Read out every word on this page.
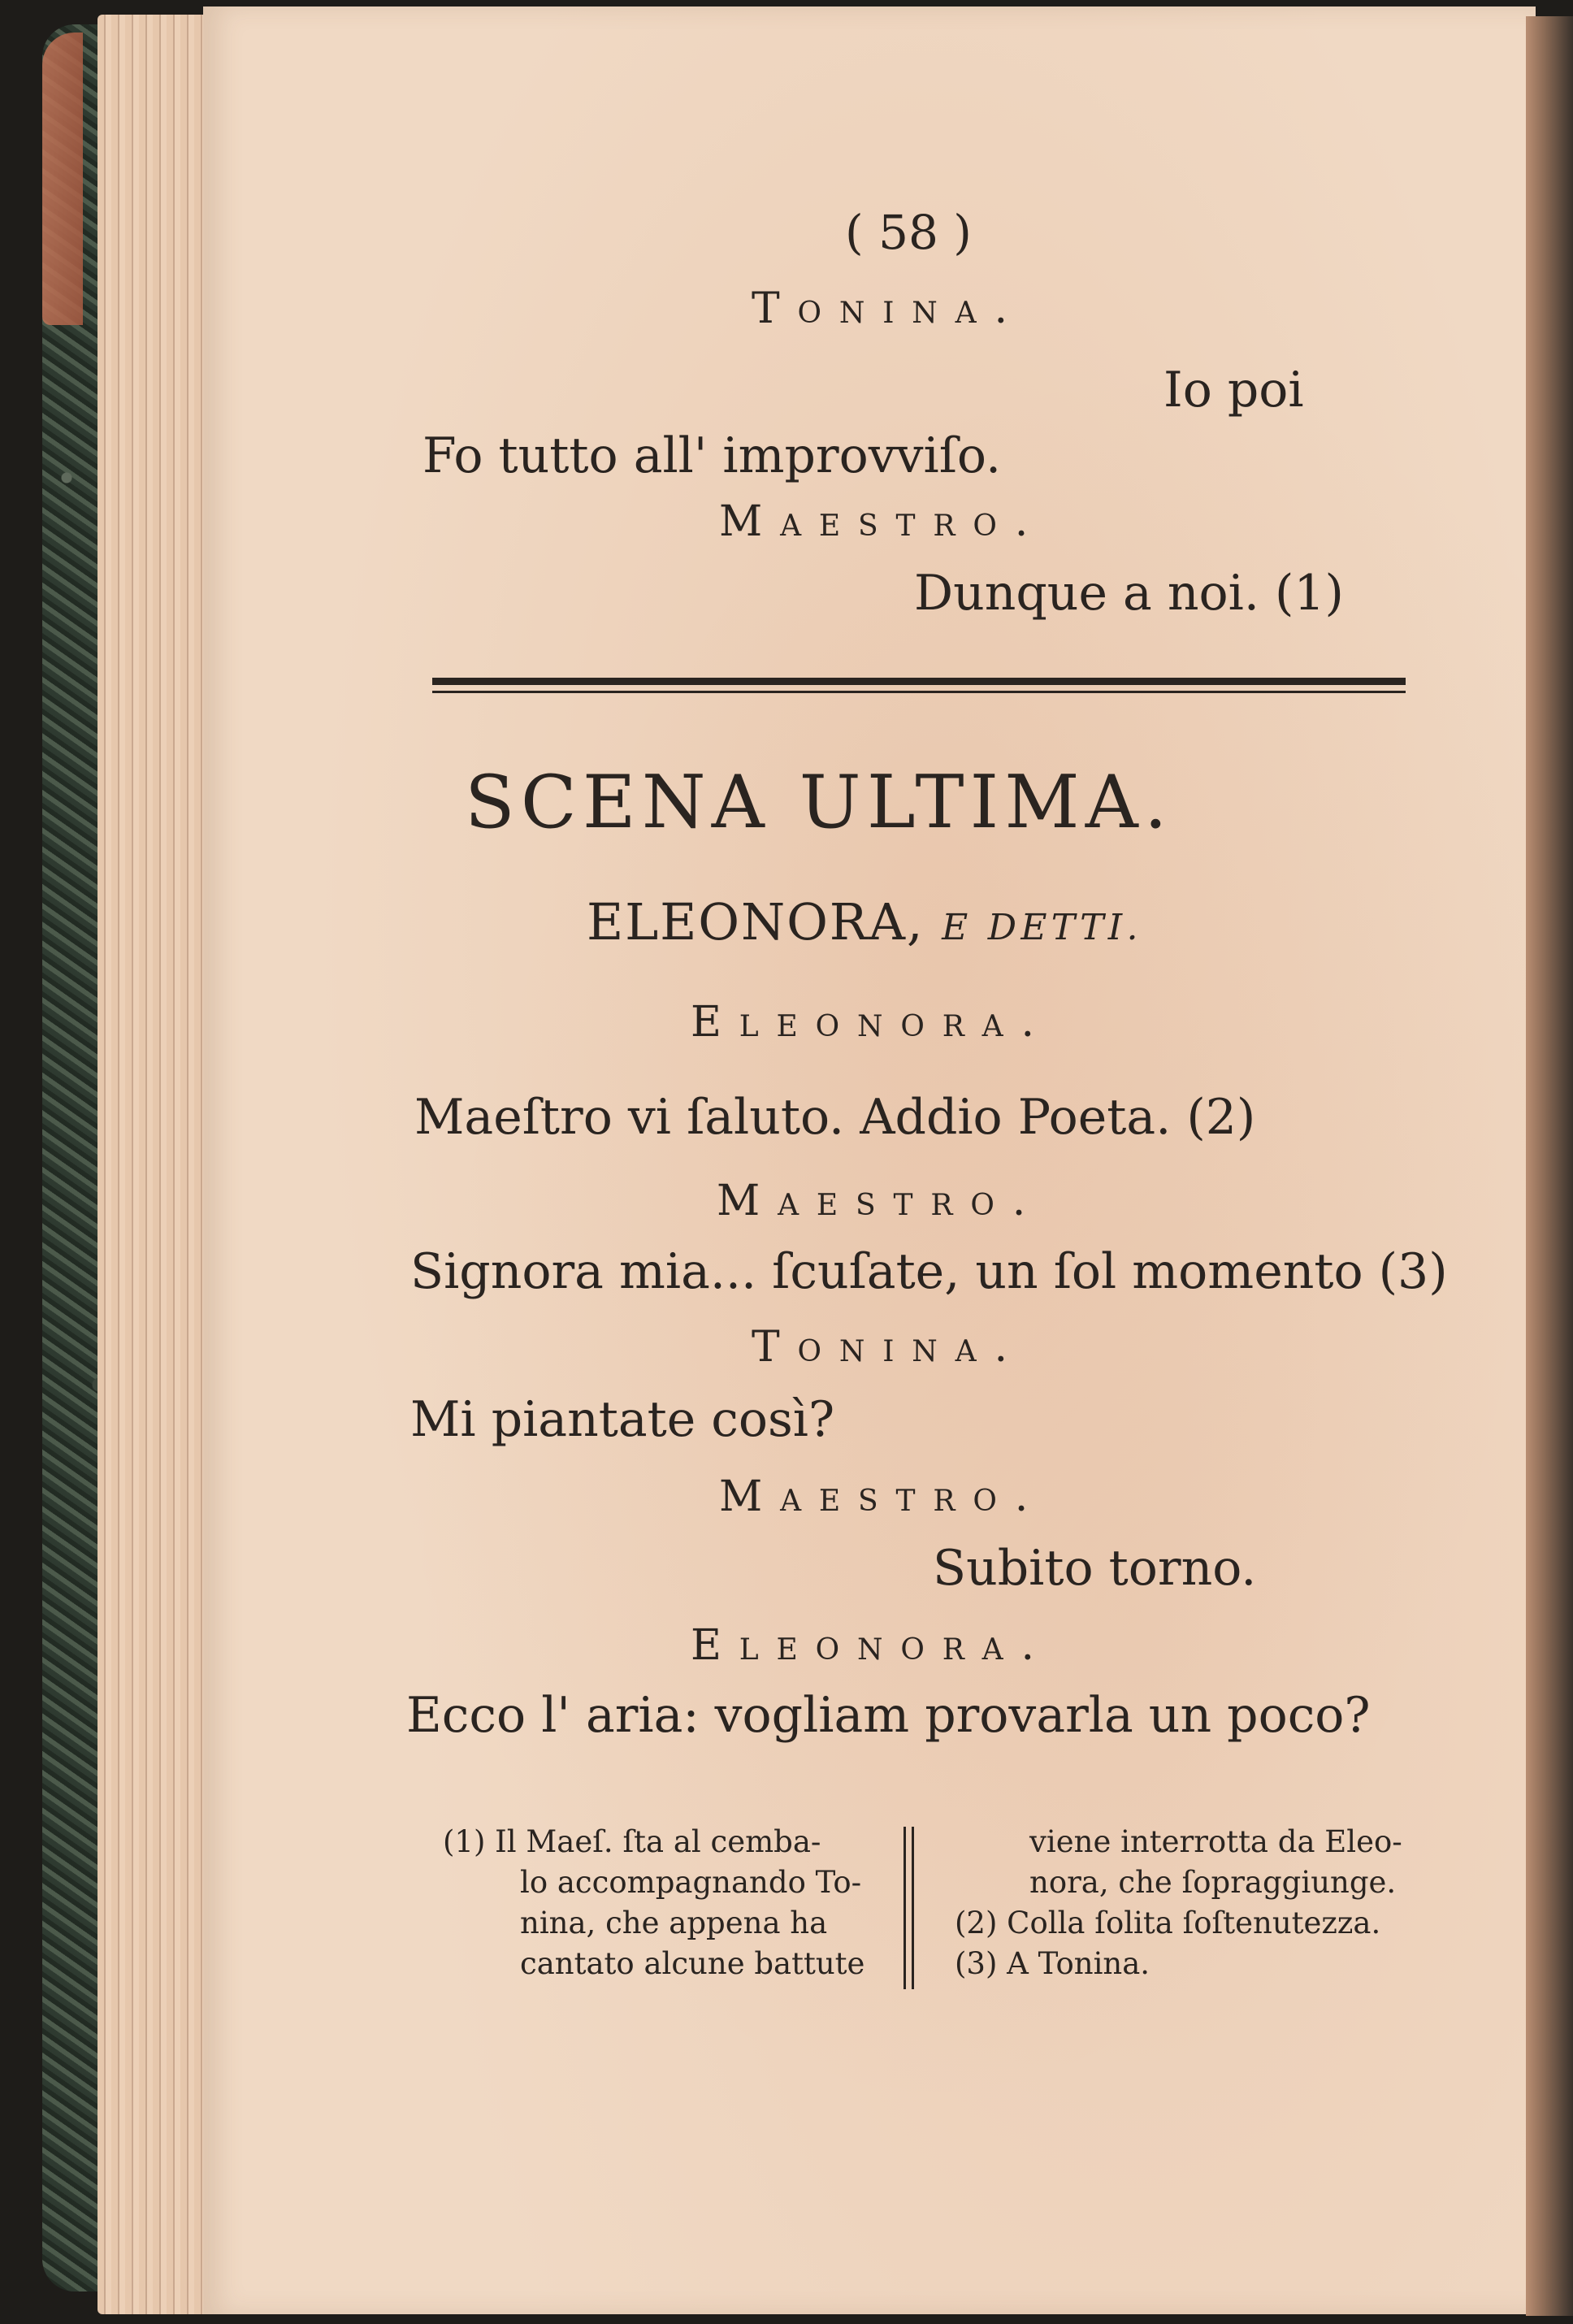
( 58 )
Tonina.
Io poi
Fo tutto all' improvviſo.
Maestro.
Dunque a noi. (1)
SCENA ULTIMA.
ELEONORA, E DETTI.
Eleonora.
Maeſtro vi ſaluto. Addio Poeta. (2)
Maestro.
Signora mia... ſcuſate, un ſol momento (3)
Tonina.
Mi piantate così?
Maestro.
Subito torno.
Eleonora.
Ecco l' aria: vogliam provarla un poco?
(1) Il Maeſ. ſta al cemba-
lo accompagnando To-
nina, che appena ha
cantato alcune battute
viene interrotta da Eleo-
nora, che ſopraggiunge.
(2) Colla ſolita ſoſtenutezza.
(3) A Tonina.
